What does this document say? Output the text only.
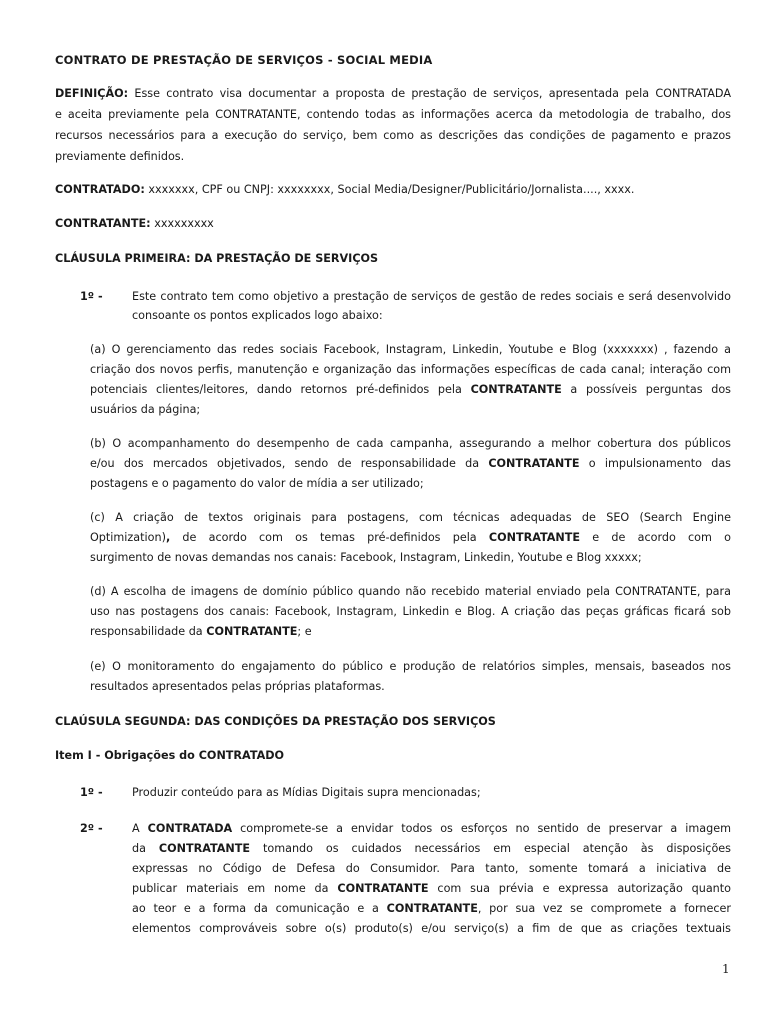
CONTRATO DE PRESTAÇÃO DE SERVIÇOS - SOCIAL MEDIA
DEFINIÇÃO: Esse contrato visa documentar a proposta de prestação de serviços, apresentada pela CONTRATADA
e aceita previamente pela CONTRATANTE, contendo todas as informações acerca da metodologia de trabalho, dos
recursos necessários para a execução do serviço, bem como as descrições das condições de pagamento e prazos
previamente definidos.
CONTRATADO: xxxxxxx, CPF ou CNPJ: xxxxxxxx, Social Media/Designer/Publicitário/Jornalista...., xxxx.
CONTRATANTE: xxxxxxxxx
CLÁUSULA PRIMEIRA: DA PRESTAÇÃO DE SERVIÇOS
1º -	Este contrato tem como objetivo a prestação de serviços de gestão de redes sociais e será desenvolvido
consoante os pontos explicados logo abaixo:
(a) O gerenciamento das redes sociais Facebook, Instagram, Linkedin, Youtube e Blog (xxxxxxx) , fazendo a
criação dos novos perfis, manutenção e organização das informações específicas de cada canal; interação com
potenciais clientes/leitores, dando retornos pré-definidos pela CONTRATANTE a possíveis perguntas dos
usuários da página;
(b) O acompanhamento do desempenho de cada campanha, assegurando a melhor cobertura dos públicos
e/ou dos mercados objetivados, sendo de responsabilidade da CONTRATANTE o impulsionamento das
postagens e o pagamento do valor de mídia a ser utilizado;
(c) A criação de textos originais para postagens, com técnicas adequadas de SEO (Search Engine
Optimization), de acordo com os temas pré-definidos pela CONTRATANTE e de acordo com o
surgimento de novas demandas nos canais: Facebook, Instagram, Linkedin, Youtube e Blog xxxxx;
(d) A escolha de imagens de domínio público quando não recebido material enviado pela CONTRATANTE, para
uso nas postagens dos canais: Facebook, Instagram, Linkedin e Blog. A criação das peças gráficas ficará sob
responsabilidade da CONTRATANTE; e
(e) O monitoramento do engajamento do público e produção de relatórios simples, mensais, baseados nos
resultados apresentados pelas próprias plataformas.
CLAÚSULA SEGUNDA: DAS CONDIÇÕES DA PRESTAÇÃO DOS SERVIÇOS
Item I - Obrigações do CONTRATADO
1º -	Produzir conteúdo para as Mídias Digitais supra mencionadas;
2º -	A CONTRATADA compromete-se a envidar todos os esforços no sentido de preservar a imagem
da CONTRATANTE tomando os cuidados necessários em especial atenção às disposições
expressas no Código de Defesa do Consumidor. Para tanto, somente tomará a iniciativa de
publicar materiais em nome da CONTRATANTE com sua prévia e expressa autorização quanto
ao teor e a forma da comunicação e a CONTRATANTE, por sua vez se compromete a fornecer
elementos comprováveis sobre o(s) produto(s) e/ou serviço(s) a fim de que as criações textuais
1
